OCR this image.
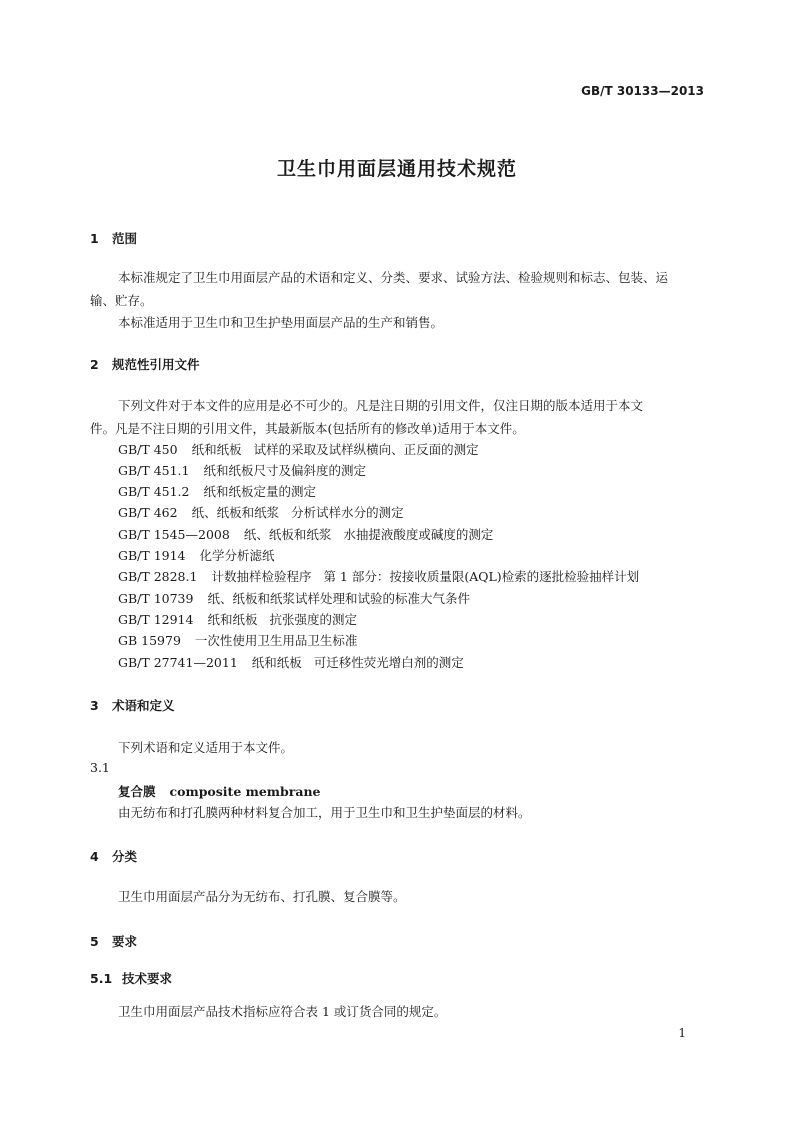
GB/T 30133—2013
卫生巾用面层通用技术规范
1 范围
本标准规定了卫生巾用面层产品的术语和定义、分类、要求、试验方法、检验规则和标志、包装、运
输、贮存。
本标准适用于卫生巾和卫生护垫用面层产品的生产和销售。
2 规范性引用文件
下列文件对于本文件的应用是必不可少的。凡是注日期的引用文件，仅注日期的版本适用于本文
件。凡是不注日期的引用文件，其最新版本(包括所有的修改单)适用于本文件。
GB/T 450 纸和纸板 试样的采取及试样纵横向、正反面的测定
GB/T 451.1 纸和纸板尺寸及偏斜度的测定
GB/T 451.2 纸和纸板定量的测定
GB/T 462 纸、纸板和纸浆 分析试样水分的测定
GB/T 1545—2008 纸、纸板和纸浆 水抽提液酸度或碱度的测定
GB/T 1914 化学分析滤纸
GB/T 2828.1 计数抽样检验程序 第 1 部分：按接收质量限(AQL)检索的逐批检验抽样计划
GB/T 10739 纸、纸板和纸浆试样处理和试验的标准大气条件
GB/T 12914 纸和纸板 抗张强度的测定
GB 15979 一次性使用卫生用品卫生标准
GB/T 27741—2011 纸和纸板 可迁移性荧光增白剂的测定
3 术语和定义
下列术语和定义适用于本文件。
3.1
复合膜 composite membrane
由无纺布和打孔膜两种材料复合加工，用于卫生巾和卫生护垫面层的材料。
4 分类
卫生巾用面层产品分为无纺布、打孔膜、复合膜等。
5 要求
5.1 技术要求
卫生巾用面层产品技术指标应符合表 1 或订货合同的规定。
1
